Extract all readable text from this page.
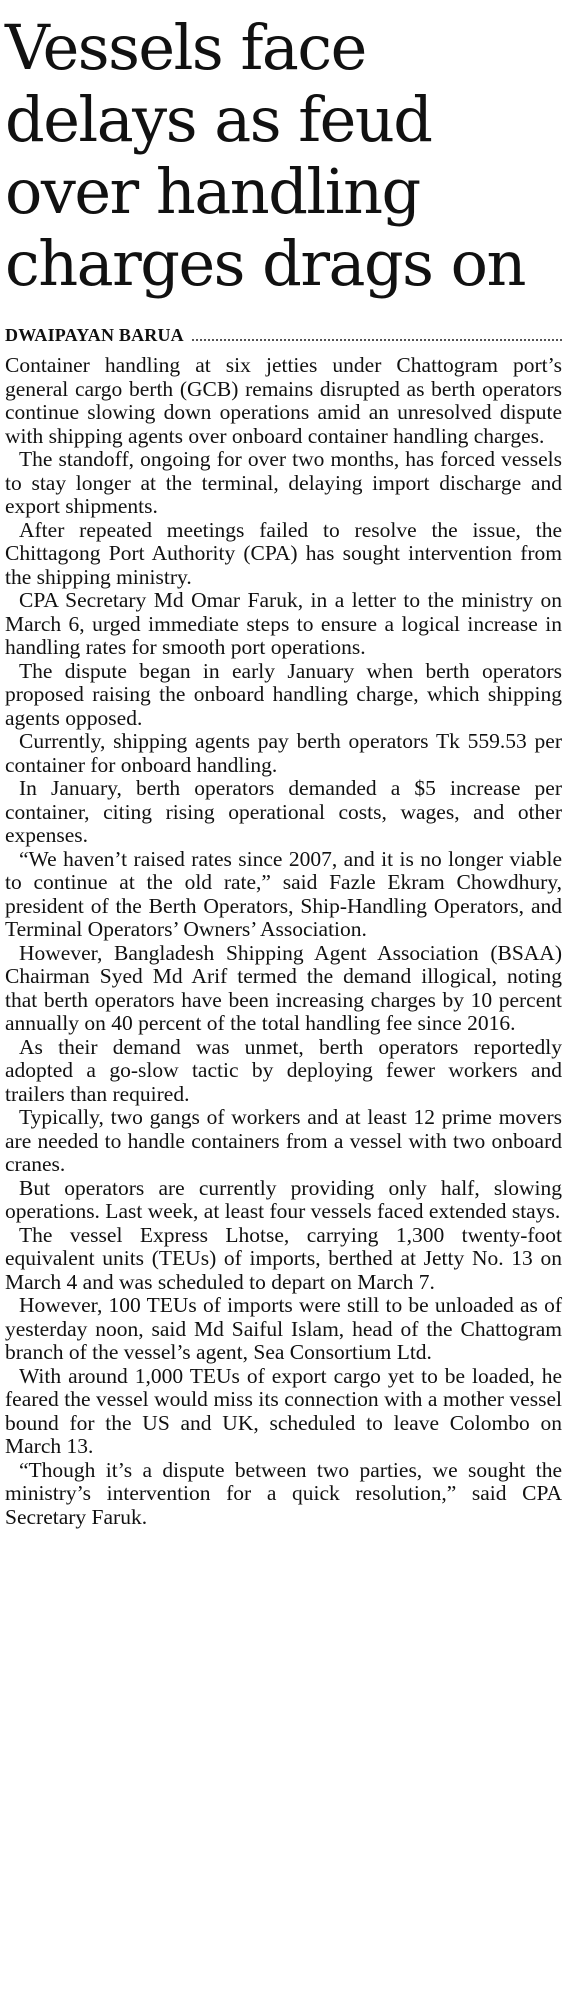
Vessels face delays as feud over handling charges drags on
DWAIPAYAN BARUA

Container handling at six jetties under Chattogram port’s general cargo berth (GCB) remains disrupted as berth operators continue slowing down operations amid an unresolved dispute with shipping agents over onboard container handling charges.

The standoff, ongoing for over two months, has forced vessels to stay longer at the terminal, delaying import discharge and export shipments.

After repeated meetings failed to resolve the issue, the Chittagong Port Authority (CPA) has sought intervention from the shipping ministry.

CPA Secretary Md Omar Faruk, in a letter to the ministry on March 6, urged immediate steps to ensure a logical increase in handling rates for smooth port operations.

The dispute began in early January when berth operators proposed raising the onboard handling charge, which shipping agents opposed.

Currently, shipping agents pay berth operators Tk 559.53 per container for onboard handling.

In January, berth operators demanded a $5 increase per container, citing rising operational costs, wages, and other expenses.

“We haven’t raised rates since 2007, and it is no longer viable to continue at the old rate,” said Fazle Ekram Chowdhury, president of the Berth Operators, Ship-Handling Operators, and Terminal Operators’ Owners’ Association.

However, Bangladesh Shipping Agent Association (BSAA) Chairman Syed Md Arif termed the demand illogical, noting that berth operators have been increasing charges by 10 percent annually on 40 percent of the total handling fee since 2016.

As their demand was unmet, berth operators reportedly adopted a go-slow tactic by deploying fewer workers and trailers than required.

Typically, two gangs of workers and at least 12 prime movers are needed to handle containers from a vessel with two onboard cranes.

But operators are currently providing only half, slowing operations. Last week, at least four vessels faced extended stays.

The vessel Express Lhotse, carrying 1,300 twenty-foot equivalent units (TEUs) of imports, berthed at Jetty No. 13 on March 4 and was scheduled to depart on March 7.

However, 100 TEUs of imports were still to be unloaded as of yesterday noon, said Md Saiful Islam, head of the Chattogram branch of the vessel’s agent, Sea Consortium Ltd.

With around 1,000 TEUs of export cargo yet to be loaded, he feared the vessel would miss its connection with a mother vessel bound for the US and UK, scheduled to leave Colombo on March 13.

“Though it’s a dispute between two parties, we sought the ministry’s intervention for a quick resolution,” said CPA Secretary Faruk.
